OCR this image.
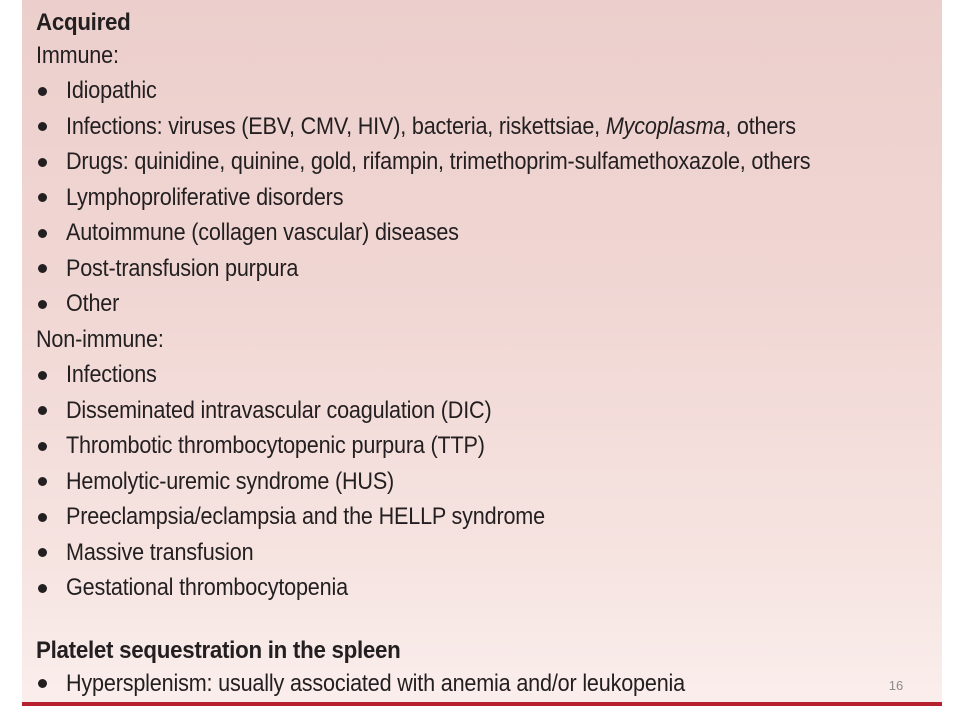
Acquired
Immune:
Idiopathic
Infections: viruses (EBV, CMV, HIV), bacteria, riskettsiae, Mycoplasma, others
Drugs: quinidine, quinine, gold, rifampin, trimethoprim-sulfamethoxazole, others
Lymphoproliferative disorders
Autoimmune (collagen vascular) diseases
Post-transfusion purpura
Other
Non-immune:
Infections
Disseminated intravascular coagulation (DIC)
Thrombotic thrombocytopenic purpura (TTP)
Hemolytic-uremic syndrome (HUS)
Preeclampsia/eclampsia and the HELLP syndrome
Massive transfusion
Gestational thrombocytopenia
Platelet sequestration in the spleen
Hypersplenism: usually associated with anemia and/or leukopenia	16
